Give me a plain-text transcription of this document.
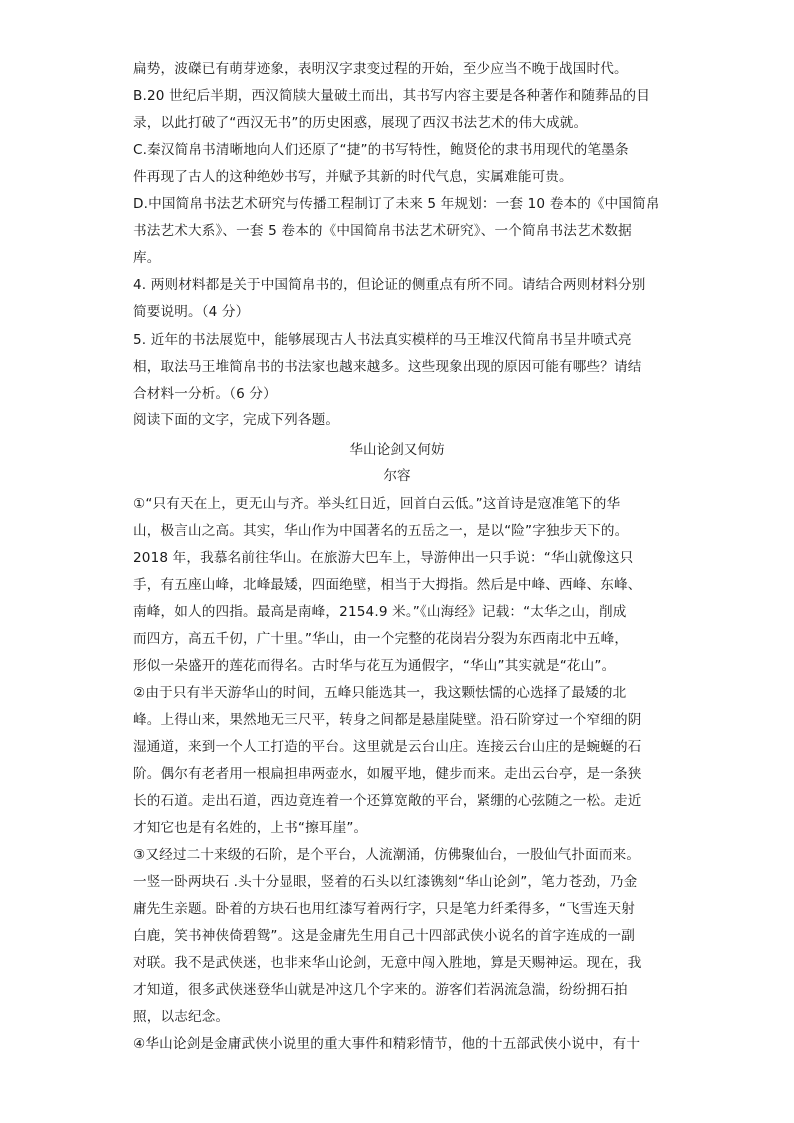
扁势，波磔已有萌芽迹象，表明汉字隶变过程的开始，至少应当不晚于战国时代。
B.20 世纪后半期，西汉简牍大量破土而出，其书写内容主要是各种著作和随葬品的目
录，以此打破了“西汉无书”的历史困惑，展现了西汉书法艺术的伟大成就。
C.秦汉简帛书清晰地向人们还原了“捷”的书写特性，鲍贤伦的隶书用现代的笔墨条
件再现了古人的这种绝妙书写，并赋予其新的时代气息，实属难能可贵。
D.中国简帛书法艺术研究与传播工程制订了未来 5 年规划：一套 10 卷本的《中国简帛
书法艺术大系》、一套 5 卷本的《中国简帛书法艺术研究》、一个简帛书法艺术数据
库。
4. 两则材料都是关于中国简帛书的，但论证的侧重点有所不同。请结合两则材料分别
简要说明。（4 分）
5. 近年的书法展览中，能够展现古人书法真实模样的马王堆汉代简帛书呈井喷式亮
相，取法马王堆简帛书的书法家也越来越多。这些现象出现的原因可能有哪些？请结
合材料一分析。（6 分）
阅读下面的文字，完成下列各题。
华山论剑又何妨
尔容
①“只有天在上，更无山与齐。举头红日近，回首白云低。”这首诗是寇准笔下的华
山，极言山之高。其实，华山作为中国著名的五岳之一，是以“险”字独步天下的。
2018 年，我慕名前往华山。在旅游大巴车上，导游伸出一只手说：“华山就像这只
手，有五座山峰，北峰最矮，四面绝壁，相当于大拇指。然后是中峰、西峰、东峰、
南峰，如人的四指。最高是南峰，2154.9 米。”《山海经》记载：“太华之山，削成
而四方，高五千仞，广十里。”华山，由一个完整的花岗岩分裂为东西南北中五峰，
形似一朵盛开的莲花而得名。古时华与花互为通假字，“华山”其实就是“花山”。
②由于只有半天游华山的时间，五峰只能选其一，我这颗怯懦的心选择了最矮的北
峰。上得山来，果然地无三尺平，转身之间都是悬崖陡壁。沿石阶穿过一个窄细的阴
湿通道，来到一个人工打造的平台。这里就是云台山庄。连接云台山庄的是蜿蜒的石
阶。偶尔有老者用一根扁担串两壶水，如履平地，健步而来。走出云台亭，是一条狭
长的石道。走出石道，西边竟连着一个还算宽敞的平台，紧绷的心弦随之一松。走近
才知它也是有名姓的，上书“擦耳崖”。
③又经过二十来级的石阶，是个平台，人流潮涌，仿佛聚仙台，一股仙气扑面而来。
一竖一卧两块石 .头十分显眼，竖着的石头以红漆镌刻“华山论剑”，笔力苍劲，乃金
庸先生亲题。卧着的方块石也用红漆写着两行字，只是笔力纤柔得多，“飞雪连天射
白鹿，笑书神侠倚碧鸳”。这是金庸先生用自己十四部武侠小说名的首字连成的一副
对联。我不是武侠迷，也非来华山论剑，无意中闯入胜地，算是天赐神运。现在，我
才知道，很多武侠迷登华山就是冲这几个字来的。游客们若涡流急湍，纷纷拥石拍
照，以志纪念。
④华山论剑是金庸武侠小说里的重大事件和精彩情节，他的十五部武侠小说中，有十
